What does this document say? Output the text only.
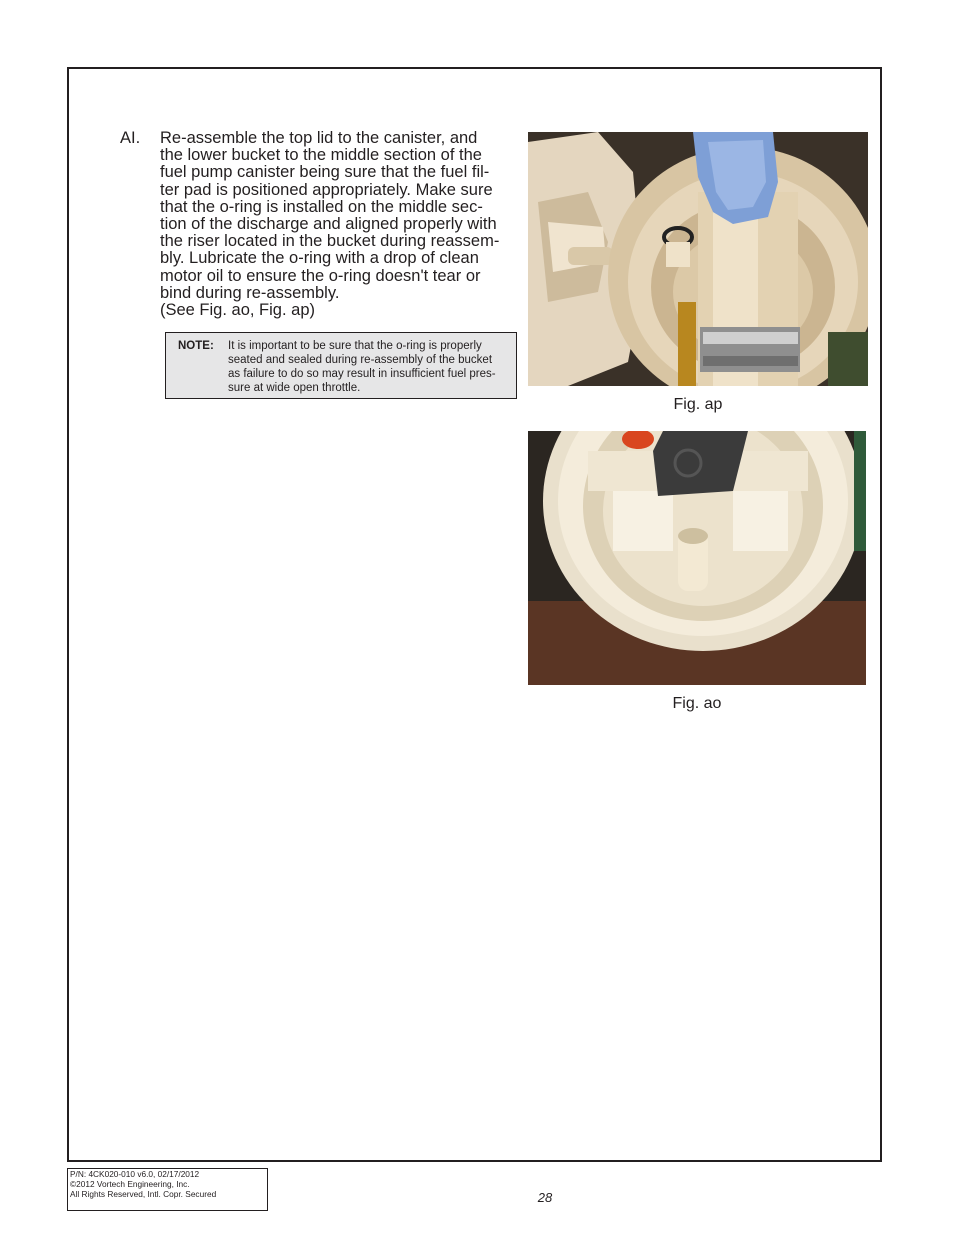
AI. Re-assemble the top lid to the canister, and
the lower bucket to the middle section of the
fuel pump canister being sure that the fuel fil-
ter pad is positioned appropriately. Make sure
that the o-ring is installed on the middle sec-
tion of the discharge and aligned properly with
the riser located in the bucket during reassem-
bly. Lubricate the o-ring with a drop of clean
motor oil to ensure the o-ring doesn't tear or
bind during re-assembly.
(See Fig. ao, Fig. ap)
NOTE: It is important to be sure that the o-ring is properly
seated and sealed during re-assembly of the bucket
as failure to do so may result in insufficient fuel pres-
sure at wide open throttle.
Fig. ap
Fig. ao
P/N: 4CK020-010 v6.0, 02/17/2012
©2012 Vortech Engineering, Inc.
All Rights Reserved, Intl. Copr. Secured	28
